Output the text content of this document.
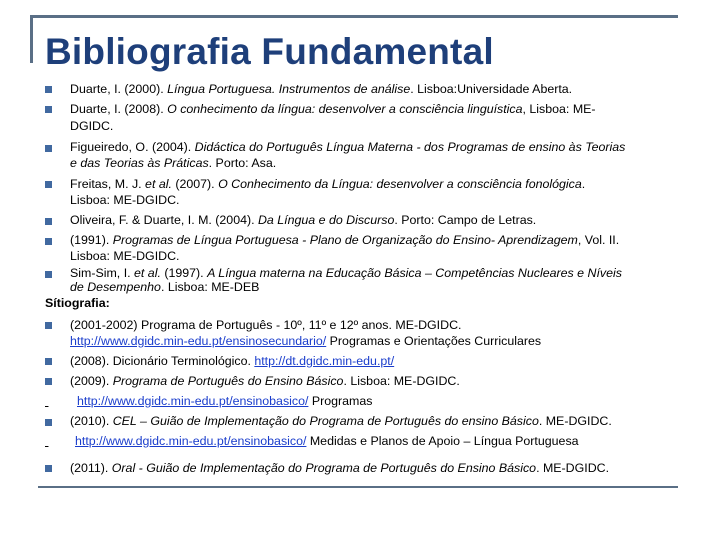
Bibliografia Fundamental
Duarte, I. (2000). Língua Portuguesa. Instrumentos de análise. Lisboa:Universidade Aberta.
Duarte, I. (2008). O conhecimento da língua: desenvolver a consciência linguística, Lisboa: ME-
DGIDC.
Figueiredo, O. (2004). Didáctica do Português Língua Materna - dos Programas de ensino às Teorias
e das Teorias às Práticas. Porto: Asa.
Freitas, M. J. et al. (2007). O Conhecimento da Língua: desenvolver a consciência fonológica.
Lisboa: ME-DGIDC.
Oliveira, F. & Duarte, I. M. (2004). Da Língua e do Discurso. Porto: Campo de Letras.
(1991). Programas de Língua Portuguesa - Plano de Organização do Ensino- Aprendizagem, Vol. II.
Lisboa: ME-DGIDC.
Sim-Sim, I. et al. (1997). A Língua materna na Educação Básica – Competências Nucleares e Níveis
de Desempenho. Lisboa: ME-DEB
Sítiografia:
(2001-2002) Programa de Português - 10º, 11º e 12º anos. ME-DGIDC.
http://www.dgidc.min-edu.pt/ensinosecundario/ Programas e Orientações Curriculares
(2008). Dicionário Terminológico. http://dt.dgidc.min-edu.pt/
(2009). Programa de Português do Ensino Básico. Lisboa: ME-DGIDC.
http://www.dgidc.min-edu.pt/ensinobasico/ Programas
(2010). CEL – Guião de Implementação do Programa de Português do ensino Básico. ME-DGIDC.
http://www.dgidc.min-edu.pt/ensinobasico/ Medidas e Planos de Apoio – Língua Portuguesa
(2011). Oral - Guião de Implementação do Programa de Português do Ensino Básico. ME-DGIDC.
